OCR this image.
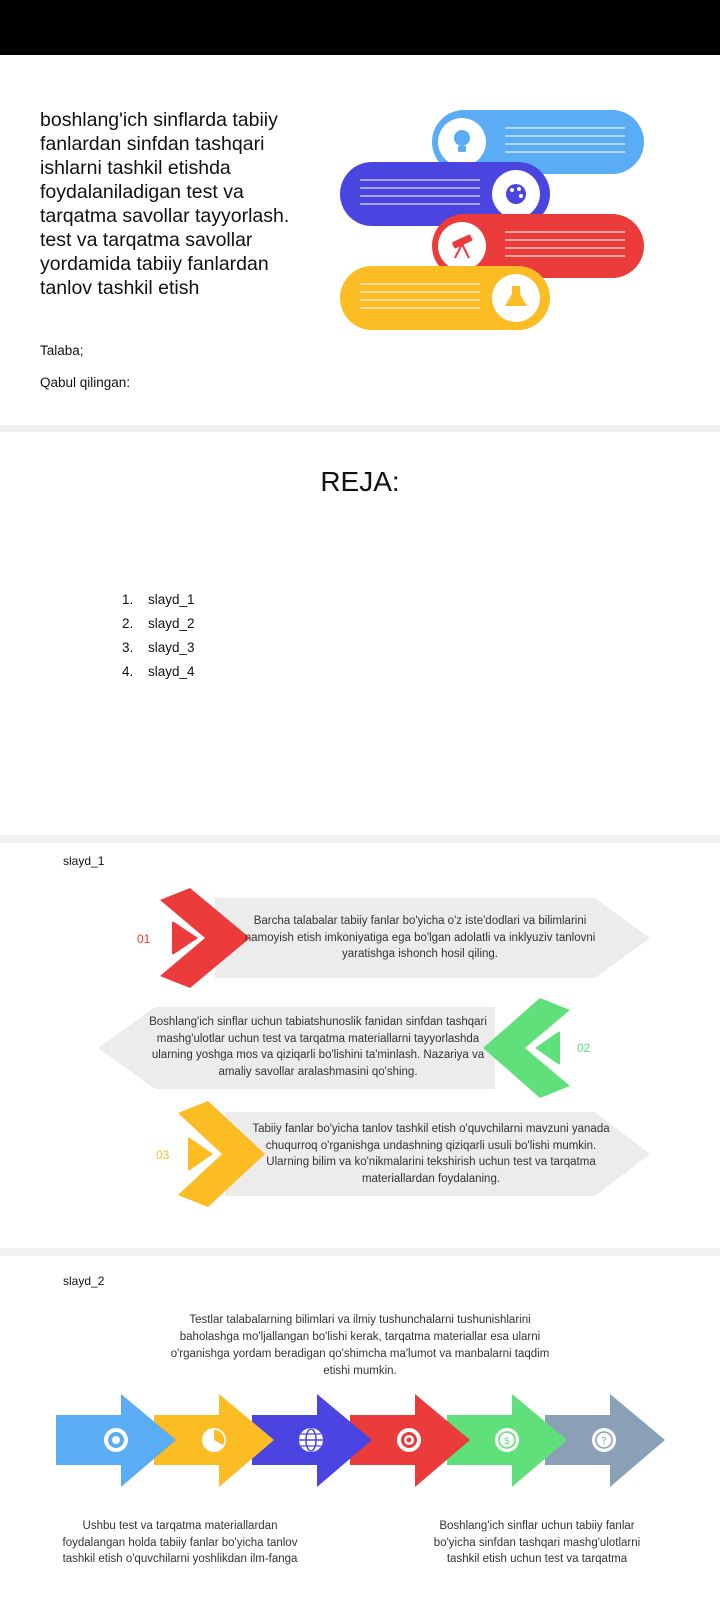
boshlang'ich sinflarda tabiiy fanlardan sinfdan tashqari ishlarni tashkil etishda foydalaniladigan test va tarqatma savollar tayyorlash. test va tarqatma savollar yordamida tabiiy fanlardan tanlov tashkil etish
Talaba;
Qabul qilingan:
REJA:
1. slayd_1
2. slayd_2
3. slayd_3
4. slayd_4
slayd_1
01
Barcha talabalar tabiiy fanlar bo'yicha o'z iste'dodlari va bilimlarini namoyish etish imkoniyatiga ega bo'lgan adolatli va inklyuziv tanlovni yaratishga ishonch hosil qiling.
02
Boshlang'ich sinflar uchun tabiatshunoslik fanidan sinfdan tashqari mashg'ulotlar uchun test va tarqatma materiallarni tayyorlashda ularning yoshga mos va qiziqarli bo'lishini ta'minlash. Nazariya va amaliy savollar aralashmasini qo'shing.
03
Tabiiy fanlar bo'yicha tanlov tashkil etish o'quvchilarni mavzuni yanada chuqurroq o'rganishga undashning qiziqarli usuli bo'lishi mumkin. Ularning bilim va ko'nikmalarini tekshirish uchun test va tarqatma materiallardan foydalaning.
slayd_2
Testlar talabalarning bilimlari va ilmiy tushunchalarni tushunishlarini baholashga mo'ljallangan bo'lishi kerak, tarqatma materiallar esa ularni o'rganishga yordam beradigan qo'shimcha ma'lumot va manbalarni taqdim etishi mumkin.
$	?
Ushbu test va tarqatma materiallardan foydalangan holda tabiiy fanlar bo'yicha tanlov tashkil etish o'quvchilarni yoshlikdan ilm-fanga
Boshlang'ich sinflar uchun tabiiy fanlar bo'yicha sinfdan tashqari mashg'ulotlarni tashkil etish uchun test va tarqatma
